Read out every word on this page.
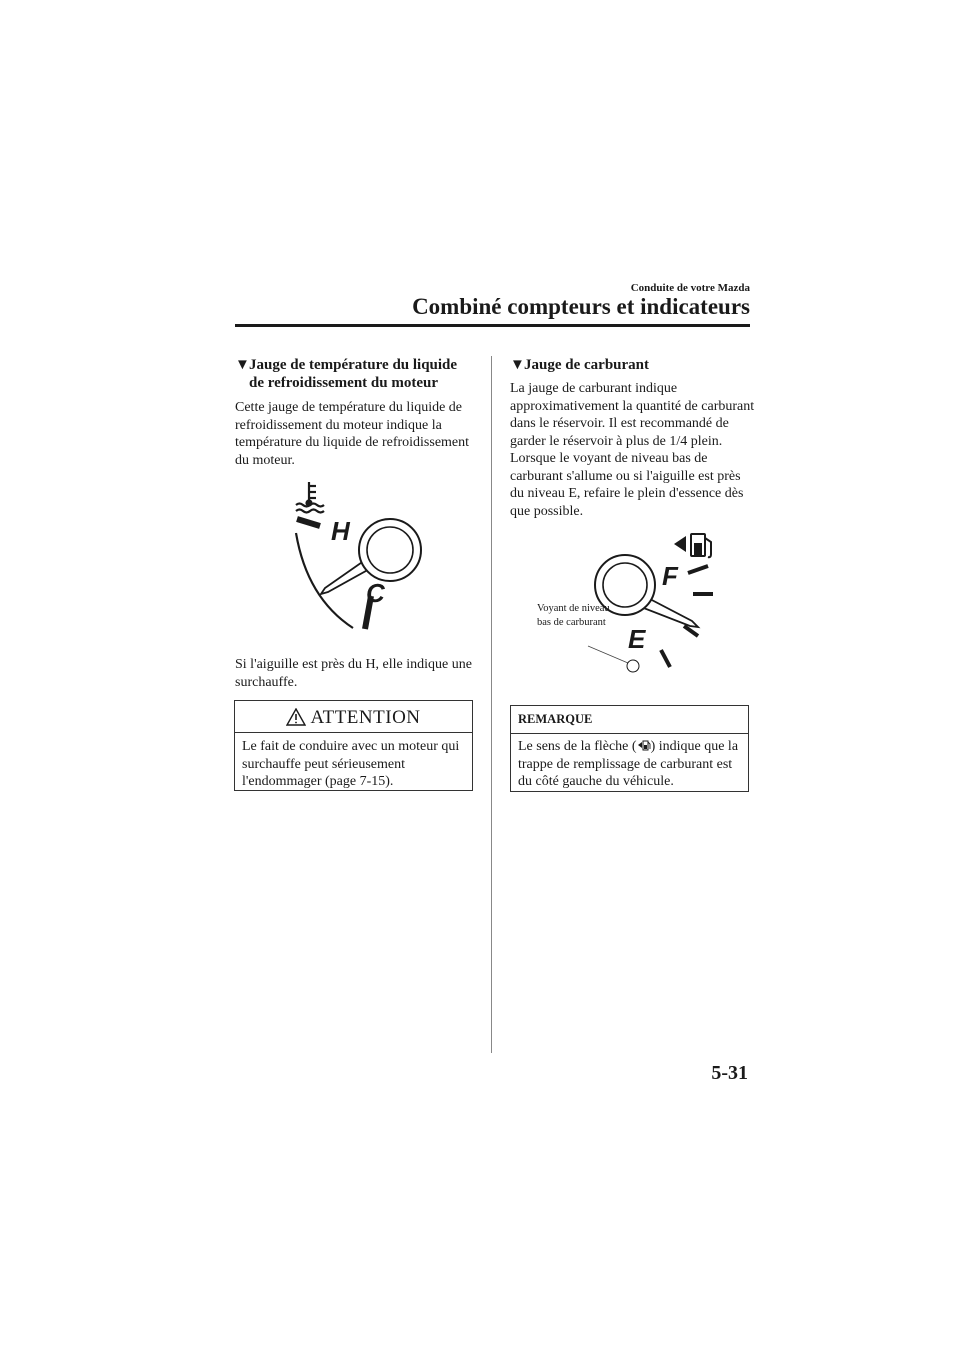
Conduite de votre Mazda
Combiné compteurs et indicateurs
▼Jauge de température du liquide
de refroidissement du moteur
Cette jauge de température du liquide de refroidissement du moteur indique la température du liquide de refroidissement du moteur.
H
C
Si l'aiguille est près du H, elle indique une surchauffe.
ATTENTION
Le fait de conduire avec un moteur qui surchauffe peut sérieusement l'endommager (page 7-15).
▼Jauge de carburant
La jauge de carburant indique approximativement la quantité de carburant dans le réservoir. Il est recommandé de garder le réservoir à plus de 1/4 plein. Lorsque le voyant de niveau bas de carburant s'allume ou si l'aiguille est près du niveau E, refaire le plein d'essence dès que possible.
F
E
Voyant de niveau bas de carburant
REMARQUE
Le sens de la flèche ( ) indique que la trappe de remplissage de carburant est du côté gauche du véhicule.
5-31
